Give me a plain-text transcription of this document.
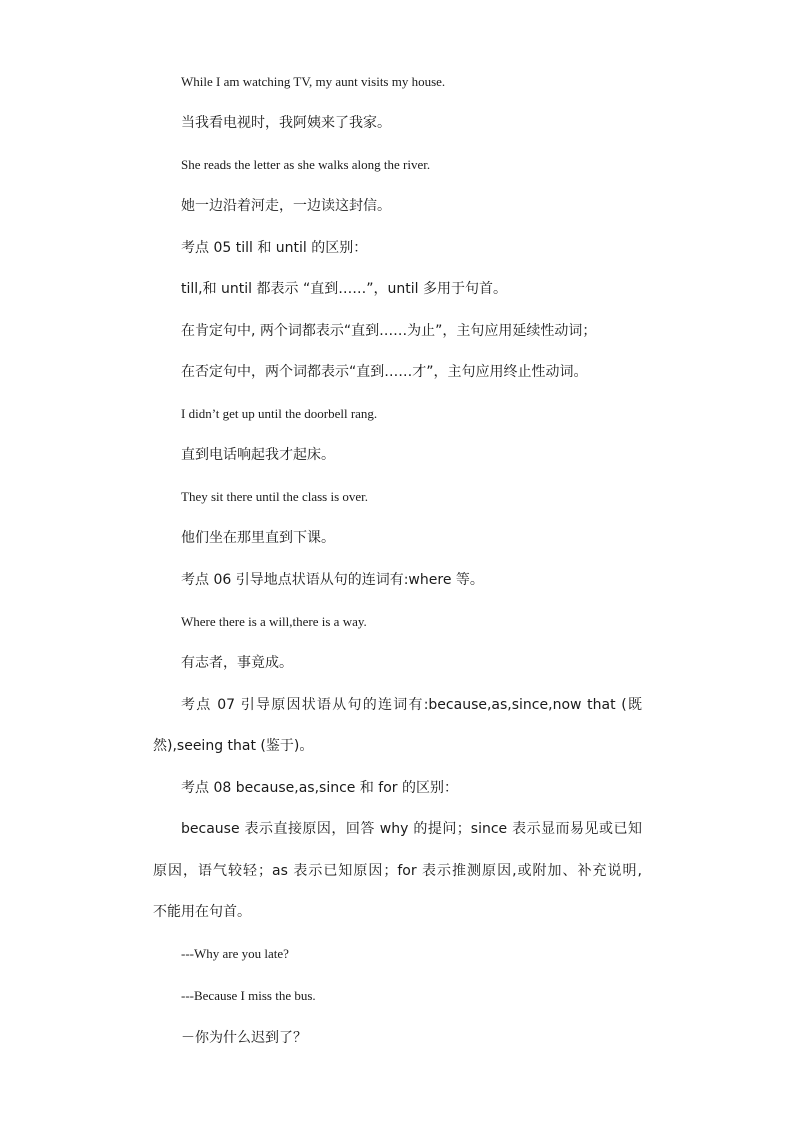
While I am watching TV, my aunt visits my house.
当我看电视时，我阿姨来了我家。
She reads the letter as she walks along the river.
她一边沿着河走，一边读这封信。
考点 05 till 和 until 的区别：
till,和 until 都表示 “直到……”，until 多用于句首。
在肯定句中, 两个词都表示“直到……为止”，主句应用延续性动词；
在否定句中，两个词都表示“直到……才”，主句应用终止性动词。
I didn’t get up until the doorbell rang.
直到电话响起我才起床。
They sit there until the class is over.
他们坐在那里直到下课。
考点 06 引导地点状语从句的连词有:where 等。
Where there is a will,there is a way.
有志者，事竟成。
考点 07 引导原因状语从句的连词有:because,as,since,now that (既
然),seeing that (鉴于)。
考点 08 because,as,since 和 for 的区别：
because 表示直接原因，回答 why 的提问；since 表示显而易见或已知
原因，语气较轻；as 表示已知原因；for 表示推测原因,或附加、补充说明,
不能用在句首。
---Why are you late?
---Because I miss the bus.
－你为什么迟到了？
